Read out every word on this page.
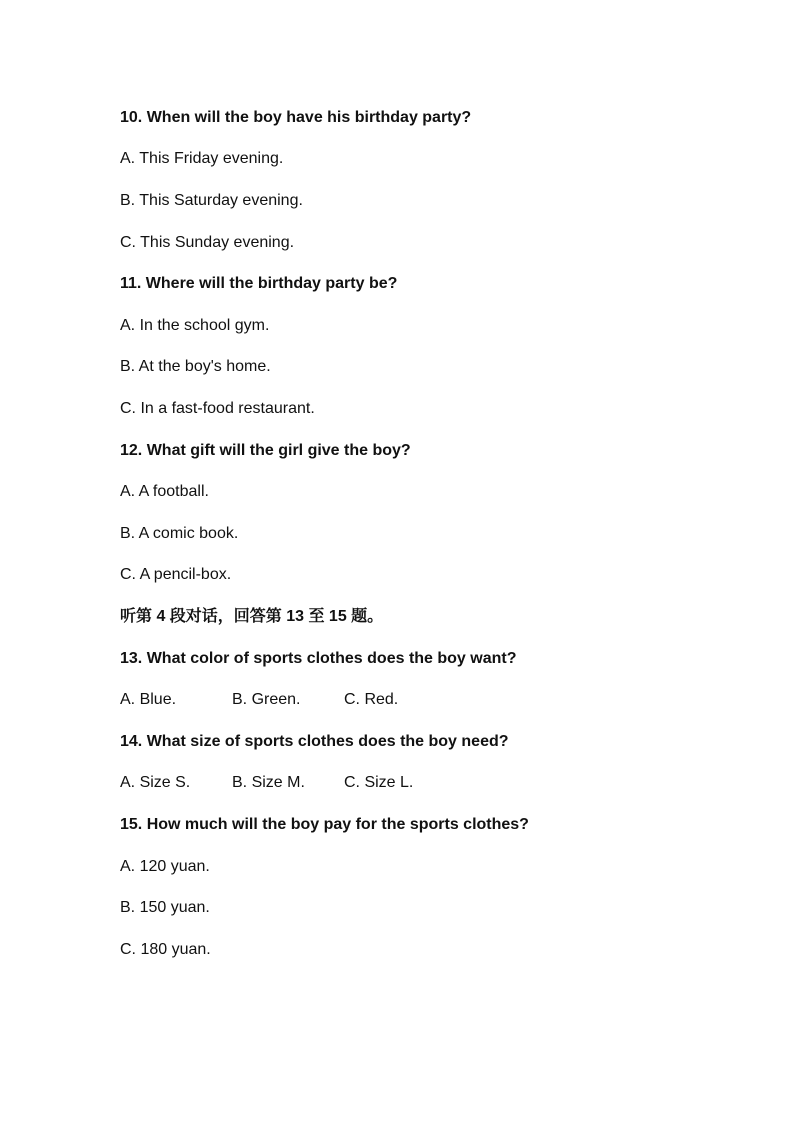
10. When will the boy have his birthday party?
A. This Friday evening.
B. This Saturday evening.
C. This Sunday evening.
11. Where will the birthday party be?
A. In the school gym.
B. At the boy's home.
C. In a fast-food restaurant.
12. What gift will the girl give the boy?
A. A football.
B. A comic book.
C. A pencil-box.
听第 4 段对话，回答第 13 至 15 题。
13. What color of sports clothes does the boy want?
A. Blue.	B. Green.	C. Red.
14. What size of sports clothes does the boy need?
A. Size S.	B. Size M. C. Size L.
15. How much will the boy pay for the sports clothes?
A. 120 yuan.
B. 150 yuan.
C. 180 yuan.
